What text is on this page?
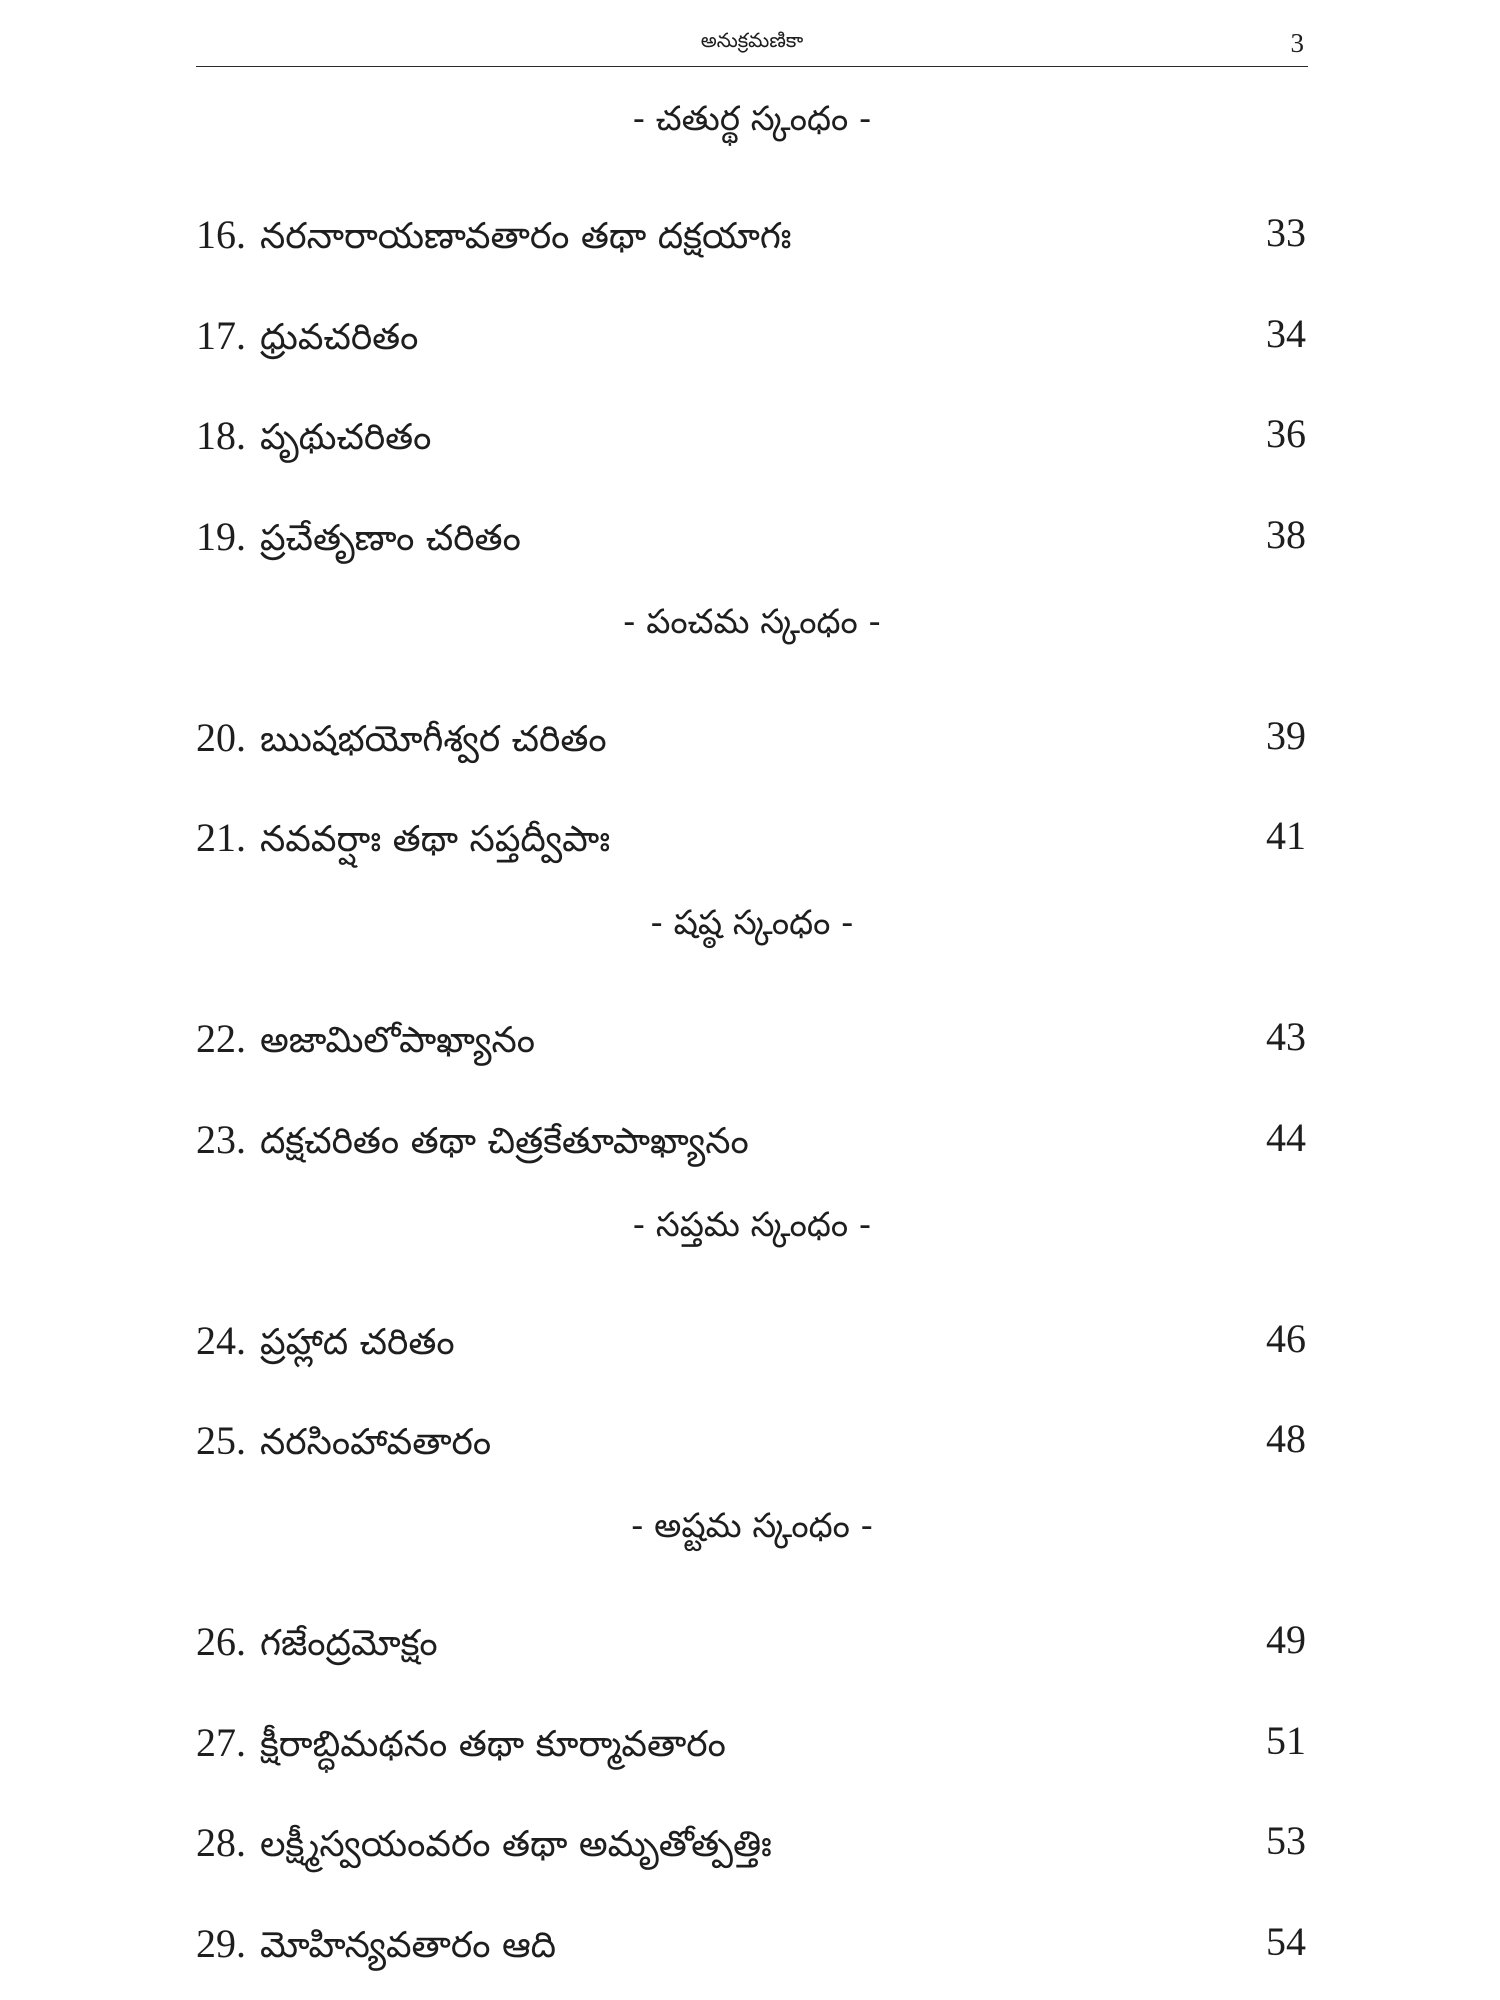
అనుక్రమణికా	3
- చతుర్థ స్కంధం -
16. నరనారాయణావతారం తథా దక్షయాగః	33
17. ధ్రువచరితం	34
18. పృథుచరితం	36
19. ప్రచేతృణాం చరితం	38
- పంచమ స్కంధం -
20. ఋషభయోగీశ్వర చరితం	39
21. నవవర్షాః తథా సప్తద్వీపాః	41
- షష్ఠ స్కంధం -
22. అజామిలోపాఖ్యానం	43
23. దక్షచరితం తథా చిత్రకేతూపాఖ్యానం	44
- సప్తమ స్కంధం -
24. ప్రహ్లాద చరితం	46
25. నరసింహావతారం	48
- అష్టమ స్కంధం -
26. గజేంద్రమోక్షం	49
27. క్షీరాబ్ధిమథనం తథా కూర్మావతారం	51
28. లక్ష్మీస్వయంవరం తథా అమృతోత్పత్తిః	53
29. మోహిన్యవతారం ఆది	54
